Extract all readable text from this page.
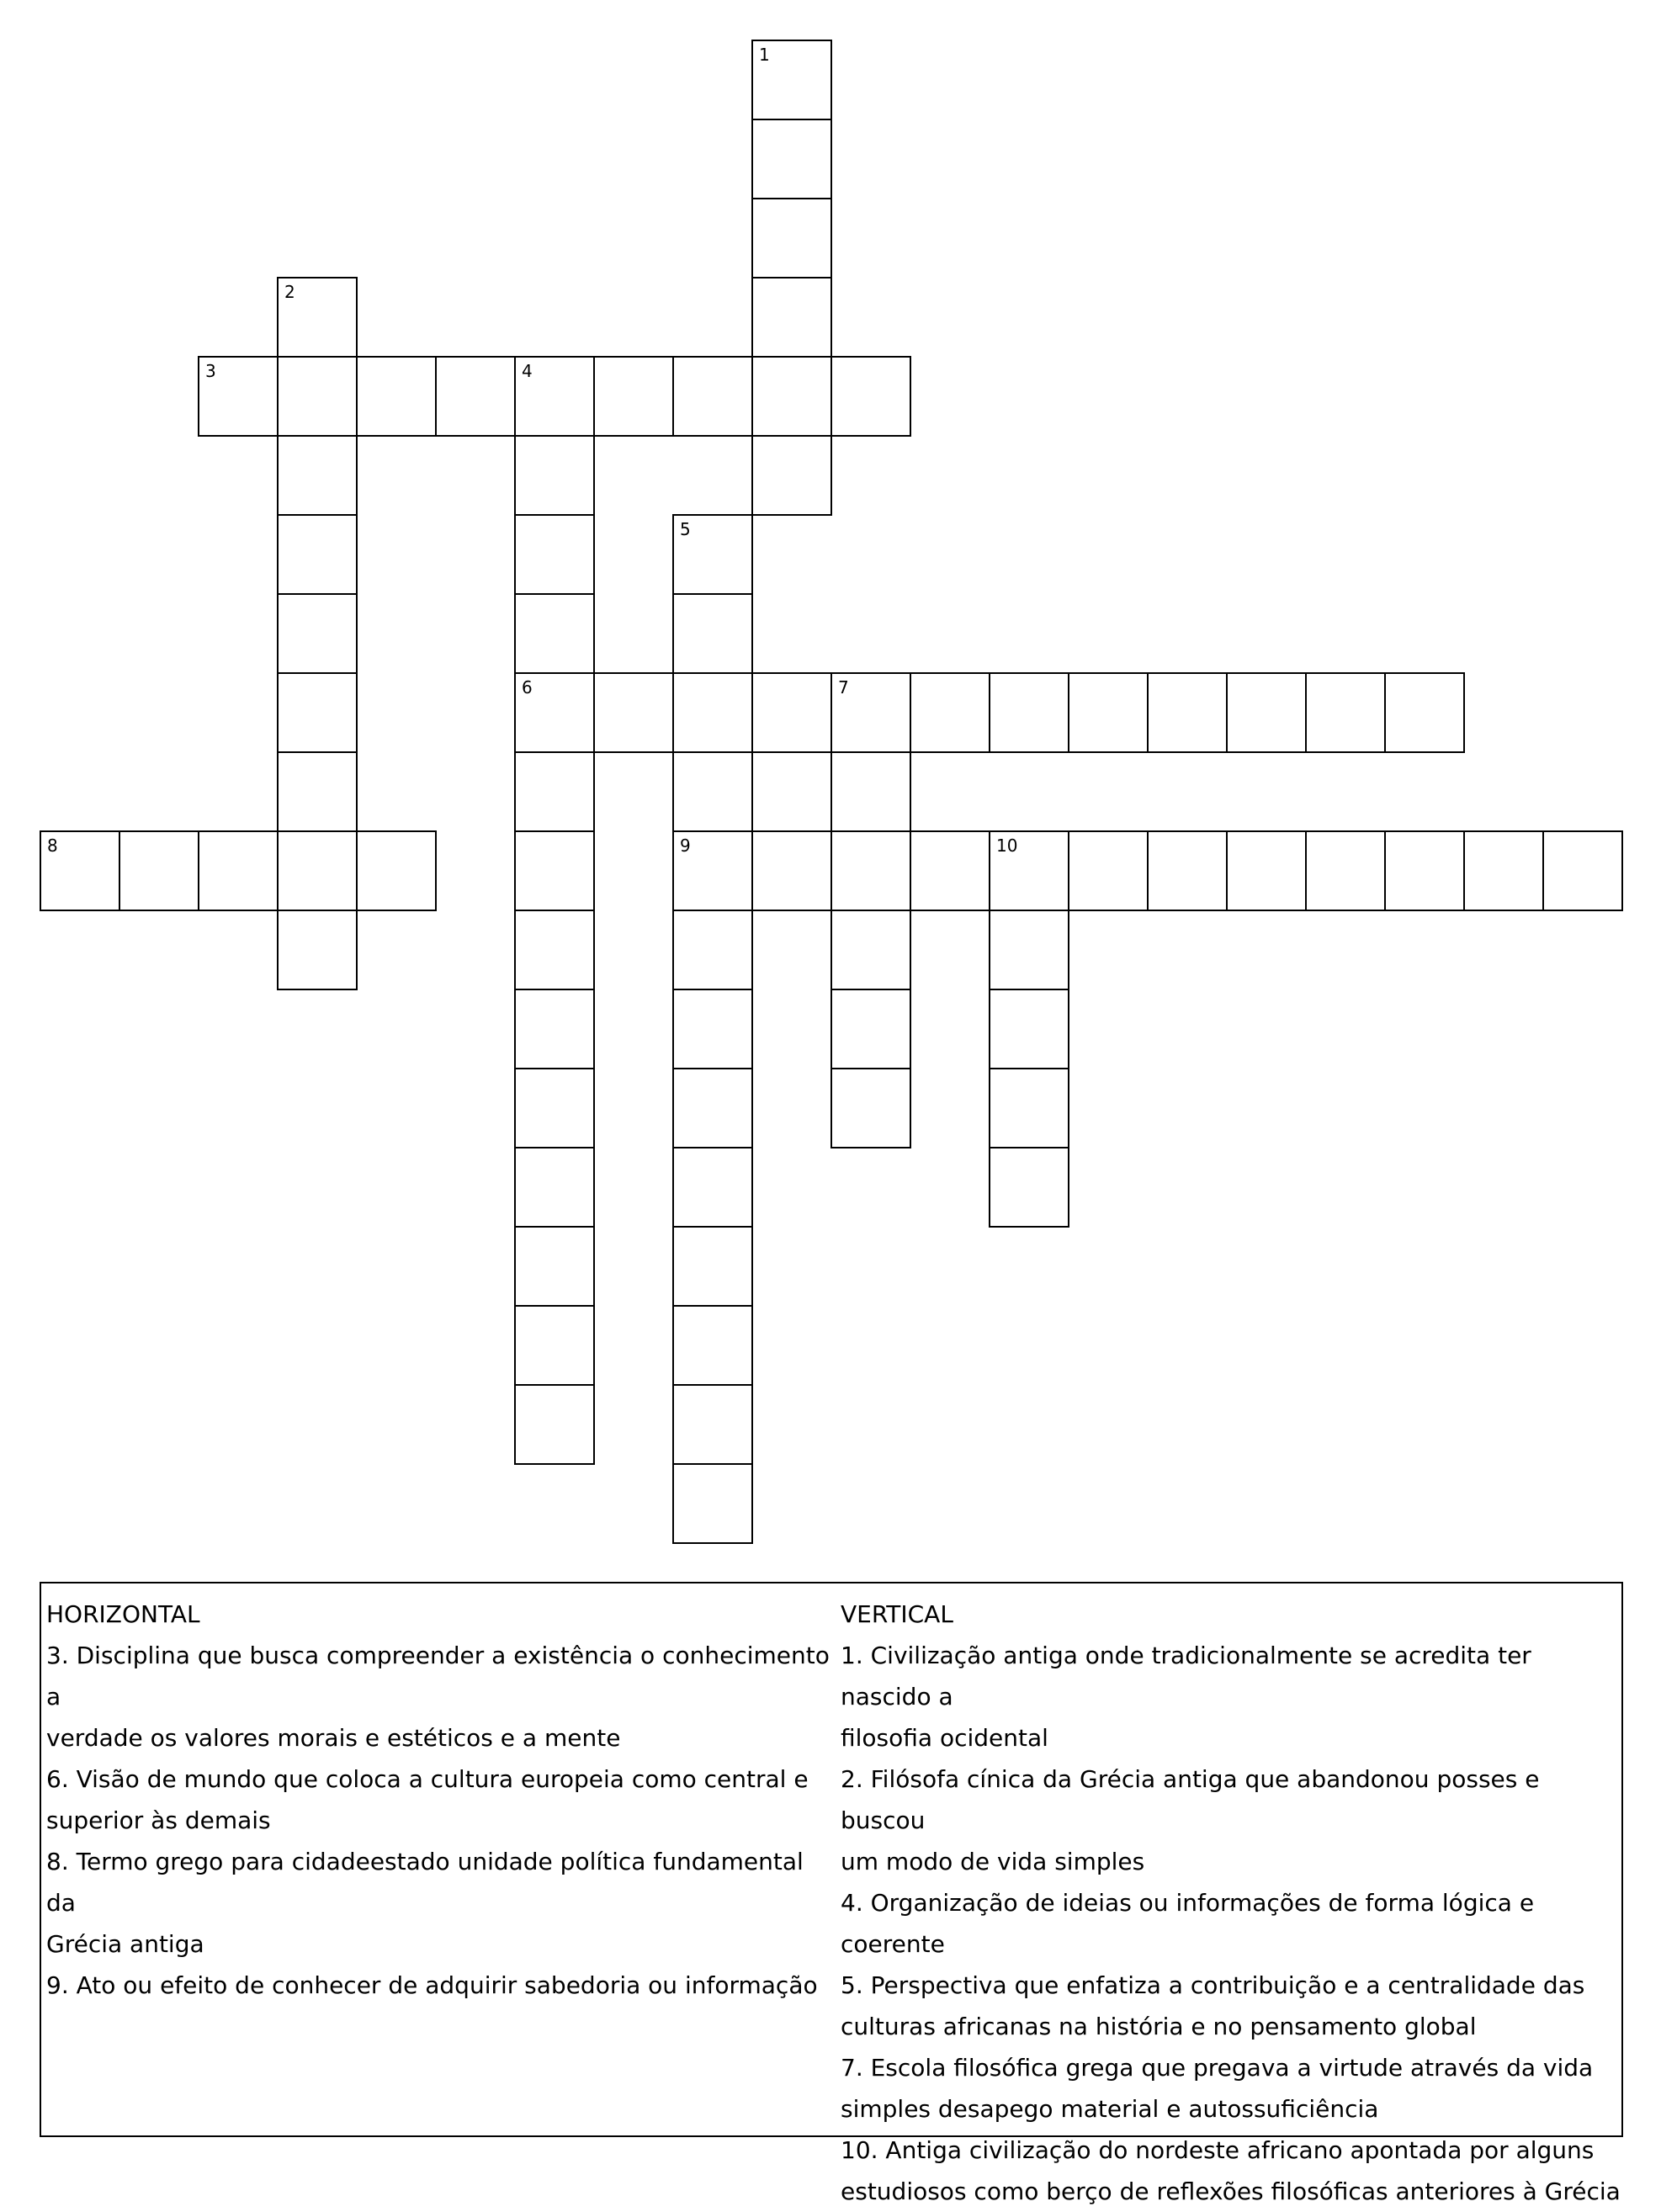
1
2
3	4
5
6	7
8	9	10
HORIZONTAL
3. Disciplina que busca compreender a existência o conhecimento a
verdade os valores morais e estéticos e a mente
6. Visão de mundo que coloca a cultura europeia como central e
superior às demais
8. Termo grego para cidadeestado unidade política fundamental da
Grécia antiga
9. Ato ou efeito de conhecer de adquirir sabedoria ou informação
VERTICAL
1. Civilização antiga onde tradicionalmente se acredita ter nascido a
filosofia ocidental
2. Filósofa cínica da Grécia antiga que abandonou posses e buscou
um modo de vida simples
4. Organização de ideias ou informações de forma lógica e coerente
5. Perspectiva que enfatiza a contribuição e a centralidade das
culturas africanas na história e no pensamento global
7. Escola filosófica grega que pregava a virtude através da vida
simples desapego material e autossuficiência
10. Antiga civilização do nordeste africano apontada por alguns
estudiosos como berço de reflexões filosóficas anteriores à Grécia
